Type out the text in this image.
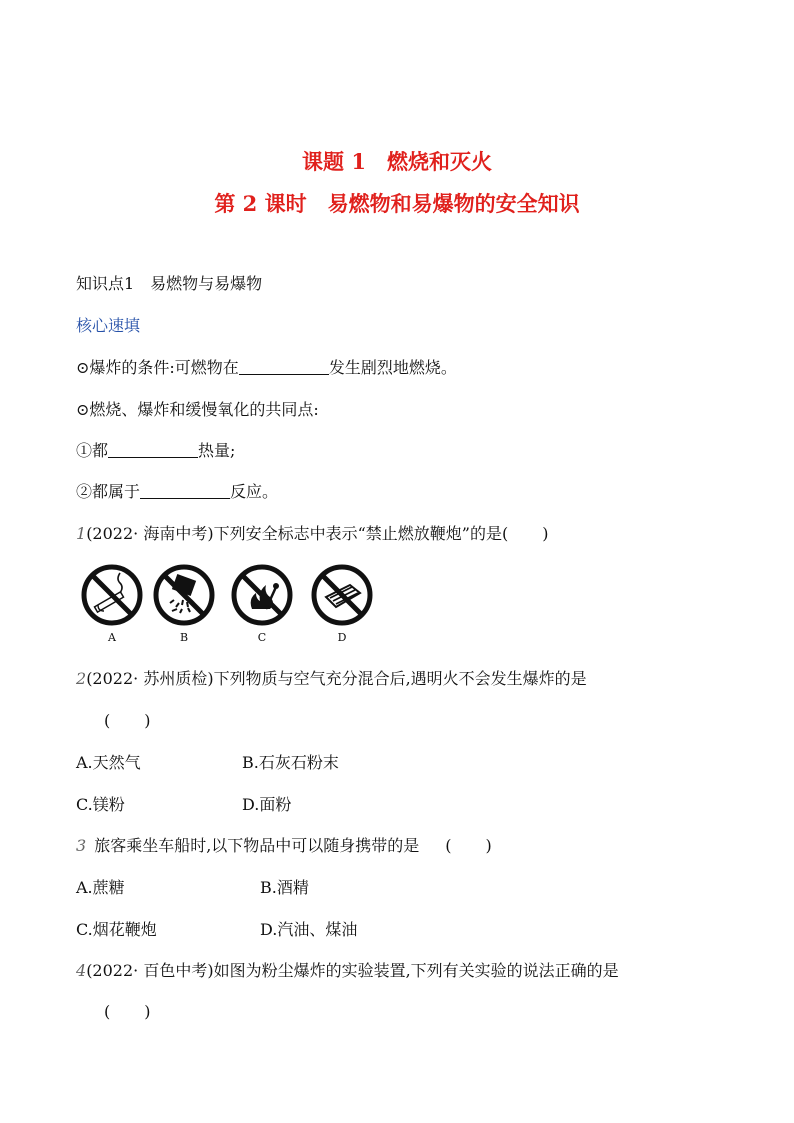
课题 1　燃烧和灭火
第 2 课时　易燃物和易爆物的安全知识
知识点1　易燃物与易爆物
核心速填
⊙爆炸的条件:可燃物在	发生剧烈地燃烧。
⊙燃烧、爆炸和缓慢氧化的共同点:
①都	热量;
②都属于	反应。
1(2022· 海南中考)下列安全标志中表示“禁止燃放鞭炮”的是( )
A	B	C	D
2(2022· 苏州质检)下列物质与空气充分混合后,遇明火不会发生爆炸的是
( )
A.天然气	B.石灰石粉末
C.镁粉	D.面粉
3 旅客乘坐车船时,以下物品中可以随身携带的是 ( )
A.蔗糖	B.酒精
C.烟花鞭炮	D.汽油、煤油
4(2022· 百色中考)如图为粉尘爆炸的实验装置,下列有关实验的说法正确的是
( )
